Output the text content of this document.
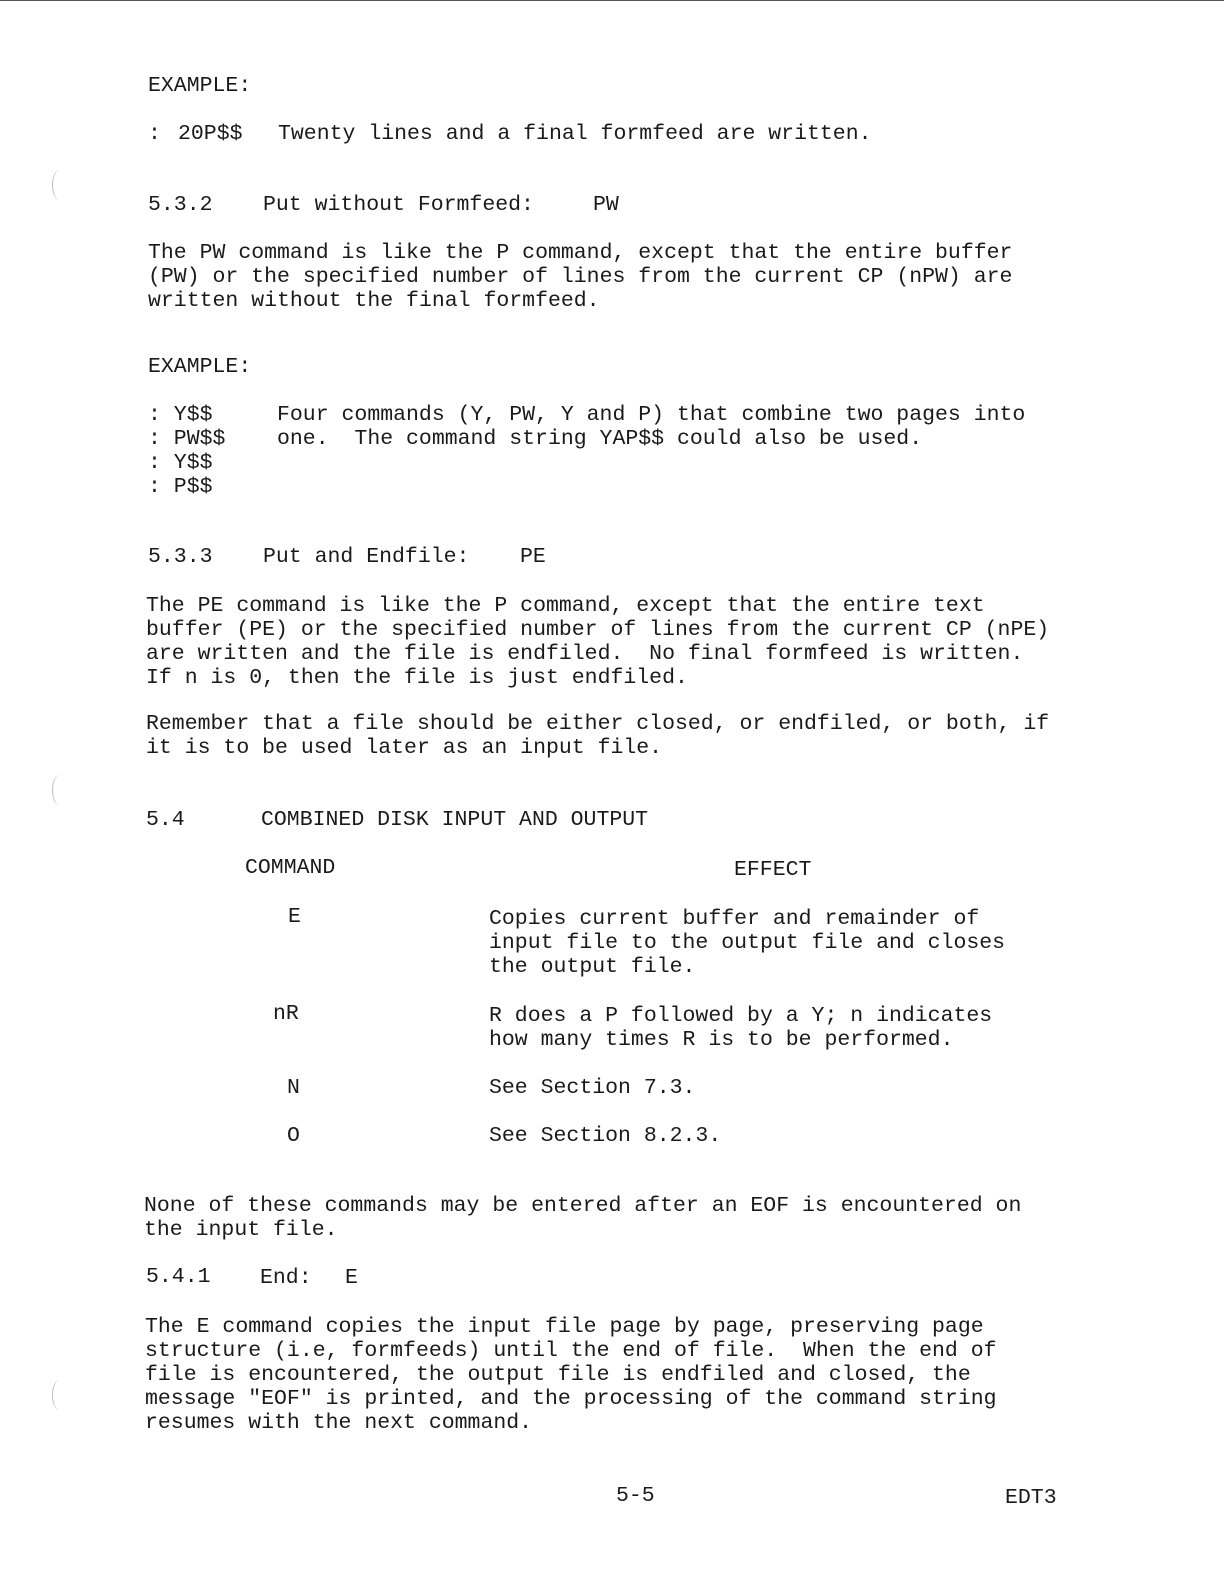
EXAMPLE:
: 20P$$ Twenty lines and a final formfeed are written.
5.3.2 Put without Formfeed:	PW
The PW command is like the P command, except that the entire buffer
(PW) or the specified number of lines from the current CP (nPW) are
written without the final formfeed.
EXAMPLE:
: Y$$
: PW$$
: Y$$
: P$$
Four commands (Y, PW, Y and P) that combine two pages into
one.  The command string YAP$$ could also be used.
5.3.3 Put and Endfile: PE
The PE command is like the P command, except that the entire text
buffer (PE) or the specified number of lines from the current CP (nPE)
are written and the file is endfiled.  No final formfeed is written.
If n is 0, then the file is just endfiled.
Remember that a file should be either closed, or endfiled, or both, if
it is to be used later as an input file.
5.4	COMBINED DISK INPUT AND OUTPUT
COMMAND	EFFECT
E	Copies current buffer and remainder of
input file to the output file and closes
the output file.
nR	R does a P followed by a Y; n indicates
how many times R is to be performed.
N	See Section 7.3.
O	See Section 8.2.3.
None of these commands may be entered after an EOF is encountered on
the input file.
5.4.1 End: E
The E command copies the input file page by page, preserving page
structure (i.e, formfeeds) until the end of file.  When the end of
file is encountered, the output file is endfiled and closed, the
message "EOF" is printed, and the processing of the command string
resumes with the next command.
5-5	EDT3
